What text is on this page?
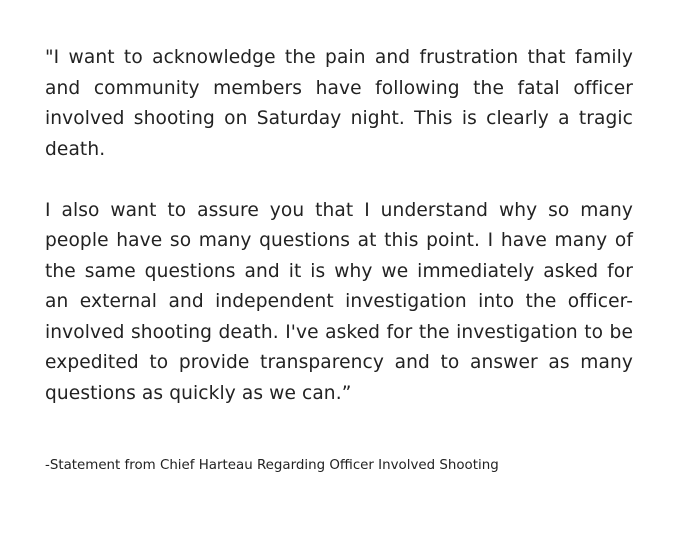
"I want to acknowledge the pain and frustration that family and community members have following the fatal officer involved shooting on Saturday night. This is clearly a tragic death.

I also want to assure you that I understand why so many people have so many questions at this point. I have many of the same questions and it is why we immediately asked for an external and independent investigation into the officer-involved shooting death. I've asked for the investigation to be expedited to provide transparency and to answer as many questions as quickly as we can.”

-Statement from Chief Harteau Regarding Officer Involved Shooting
